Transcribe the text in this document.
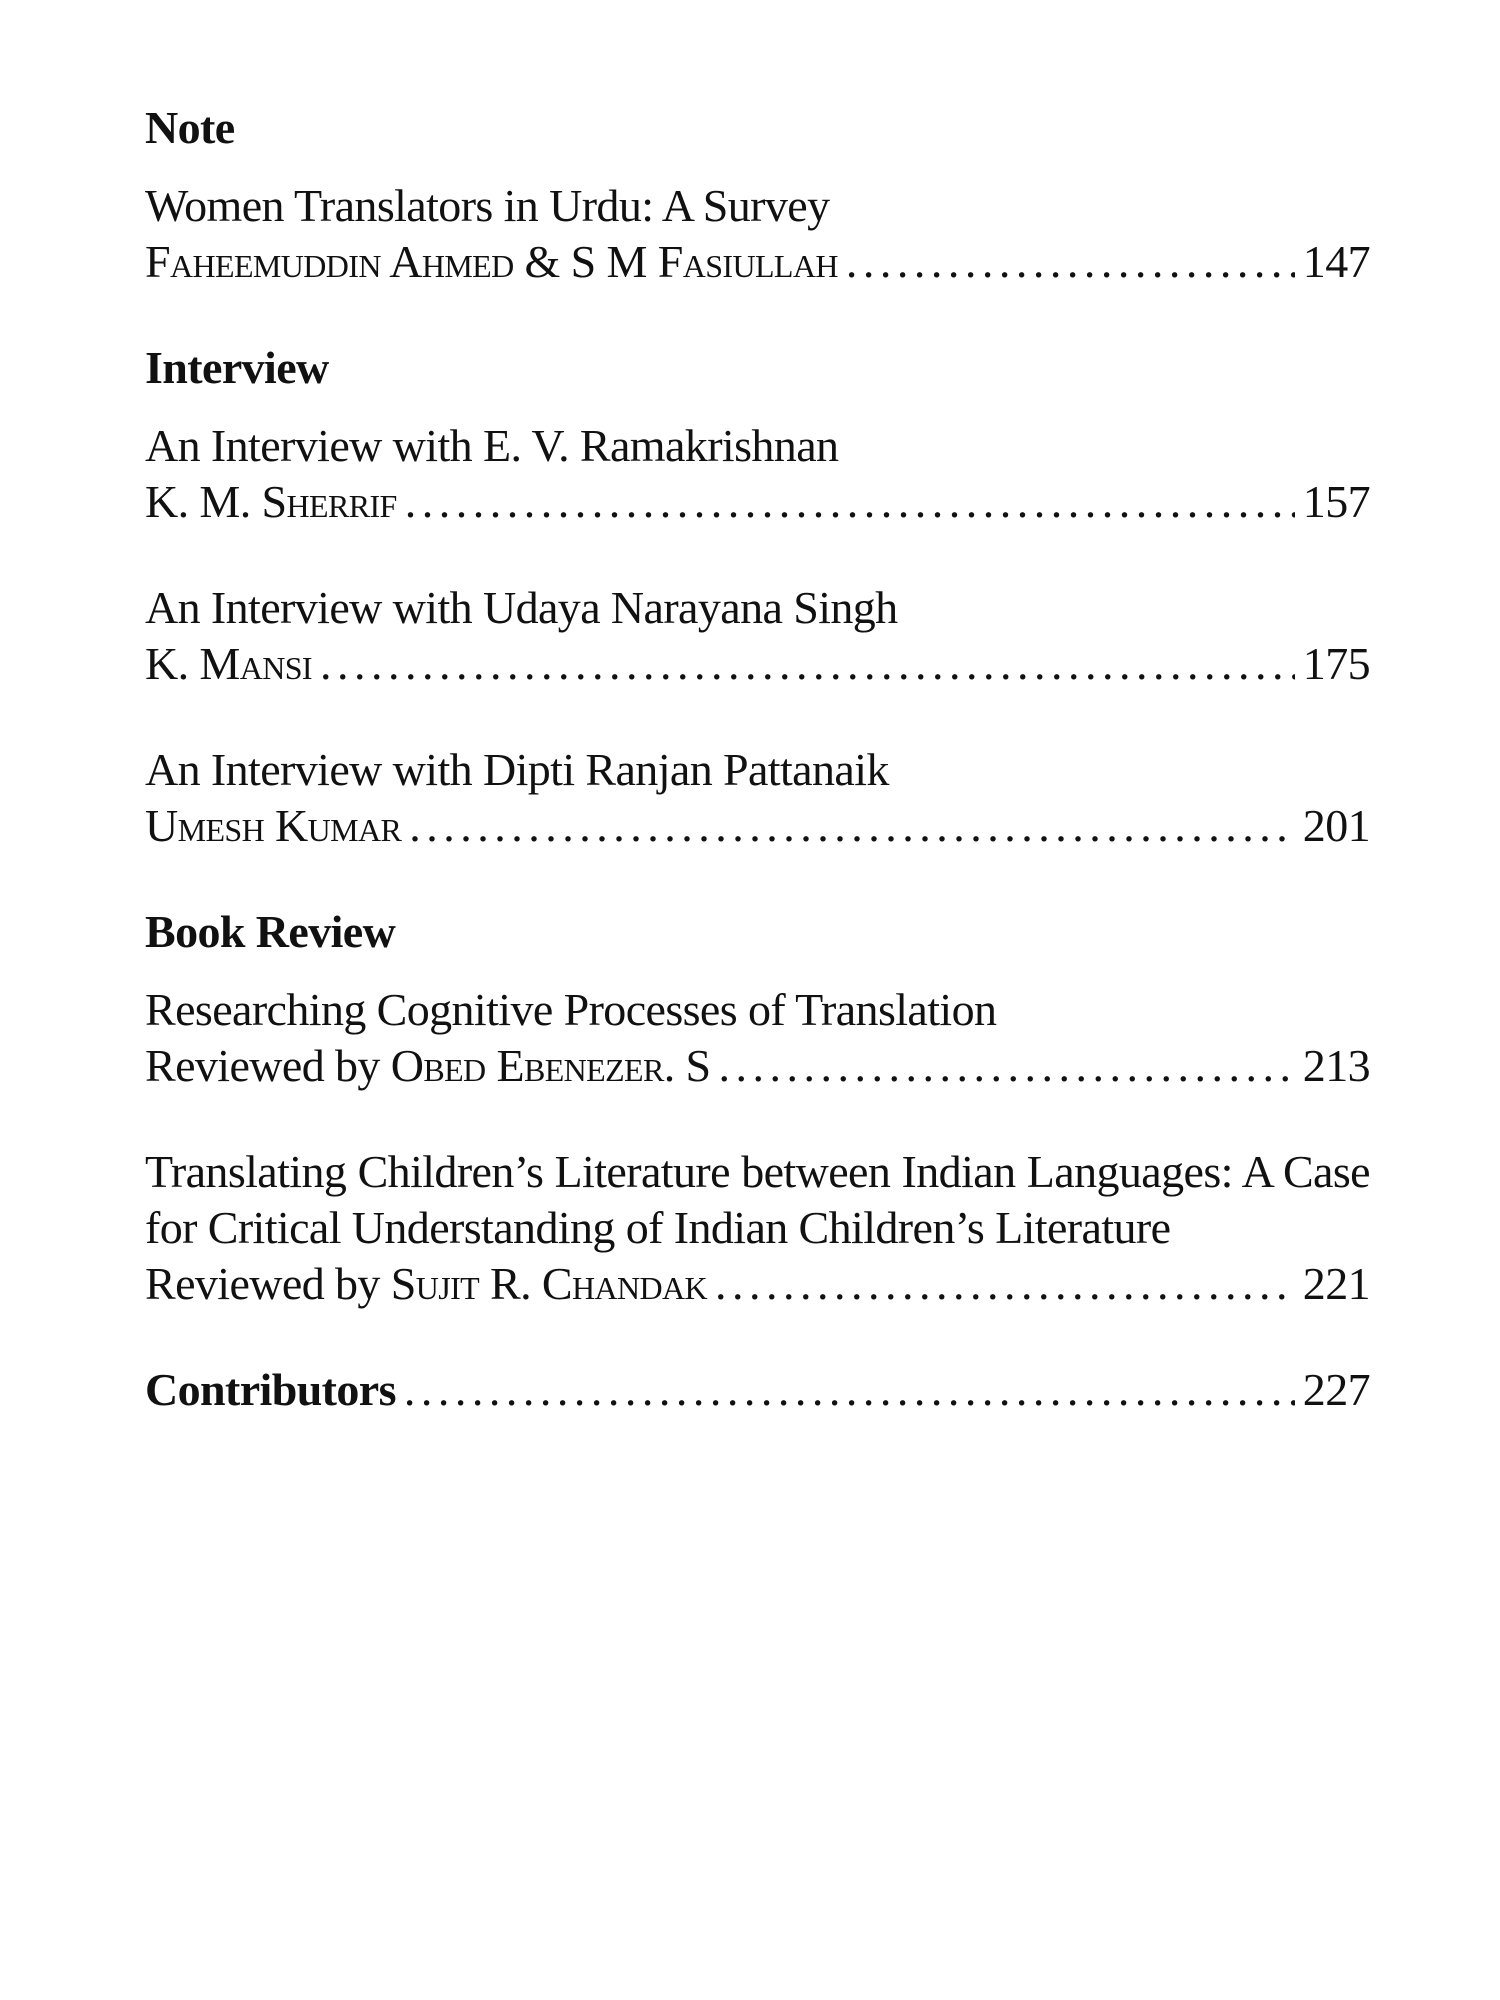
Note
Women Translators in Urdu: A Survey
Faheemuddin Ahmed & S M Fasiullah . . .	147
Interview
An Interview with E. V. Ramakrishnan
K. M. Sherrif . . .	157
An Interview with Udaya Narayana Singh
K. Mansi . . .	175
An Interview with Dipti Ranjan Pattanaik
Umesh Kumar . . .	201
Book Review
Researching Cognitive Processes of Translation
Reviewed by
Obed Ebenezer. S . . .	213
Translating Children’s Literature between Indian Languages: A Case for Critical Understanding of Indian Children’s Literature
Reviewed by
Sujit R. Chandak . . .	221
Contributors . . .	227
